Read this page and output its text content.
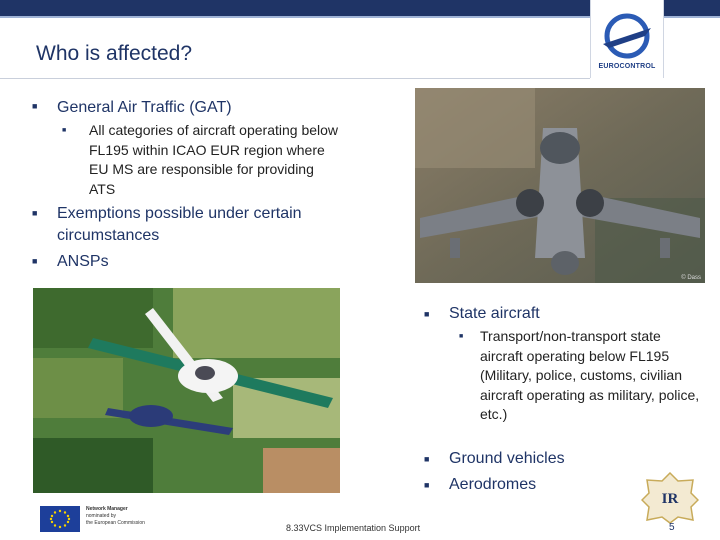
EUROCONTROL
Who is affected?
■ General Air Traffic (GAT)
■ All categories of aircraft operating below FL195 within ICAO EUR region where EU MS are responsible for providing ATS
■ Exemptions possible under certain circumstances
■ ANSPs
© Dass
■ State aircraft
■ Transport/non-transport state aircraft operating below FL195 (Military, police, customs, civilian aircraft operating as military, police, etc.)
■ Ground vehicles
■ Aerodromes
IR
Network Manager
nominated by
the European Commission	8.33VCS Implementation Support	5
